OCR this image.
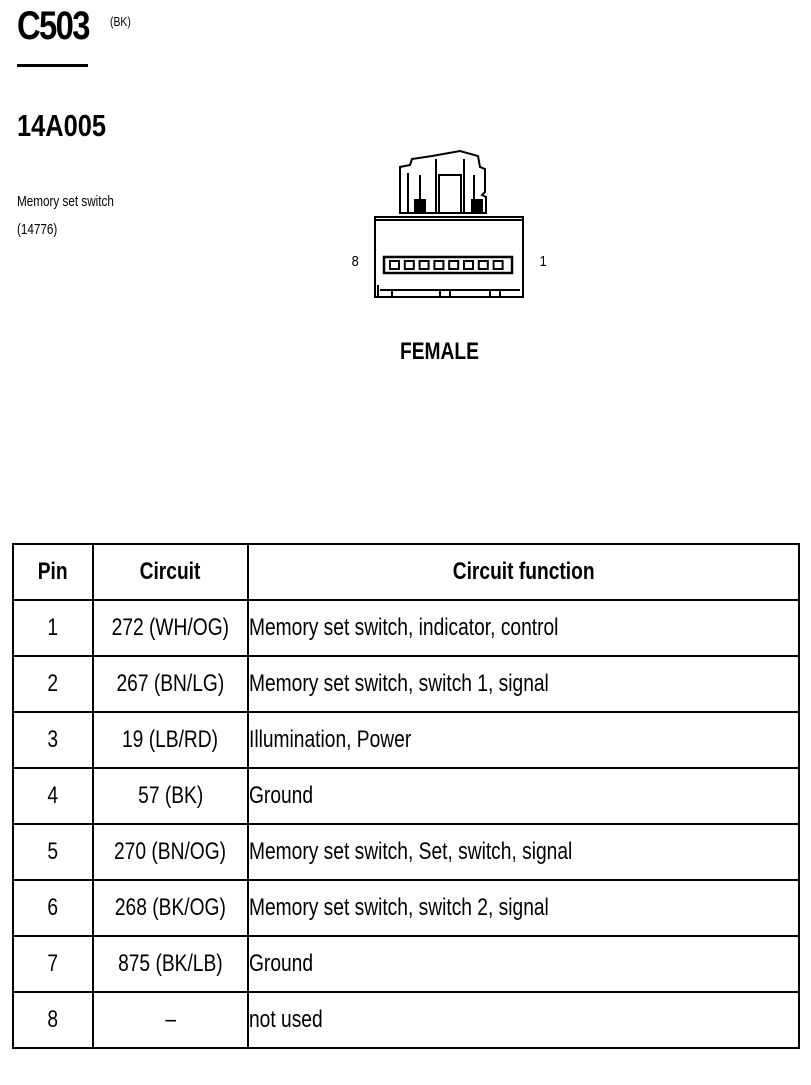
C503 (BK)
14A005
Memory set switch
(14776)
8	1
FEMALE
Pin	Circuit	Circuit function
1	272 (WH/OG)	Memory set switch, indicator, control
2	267 (BN/LG)	Memory set switch, switch 1, signal
3	19 (LB/RD)	Illumination, Power
4	57 (BK)	Ground
5	270 (BN/OG)	Memory set switch, Set, switch, signal
6	268 (BK/OG)	Memory set switch, switch 2, signal
7	875 (BK/LB)	Ground
8	–	not used
